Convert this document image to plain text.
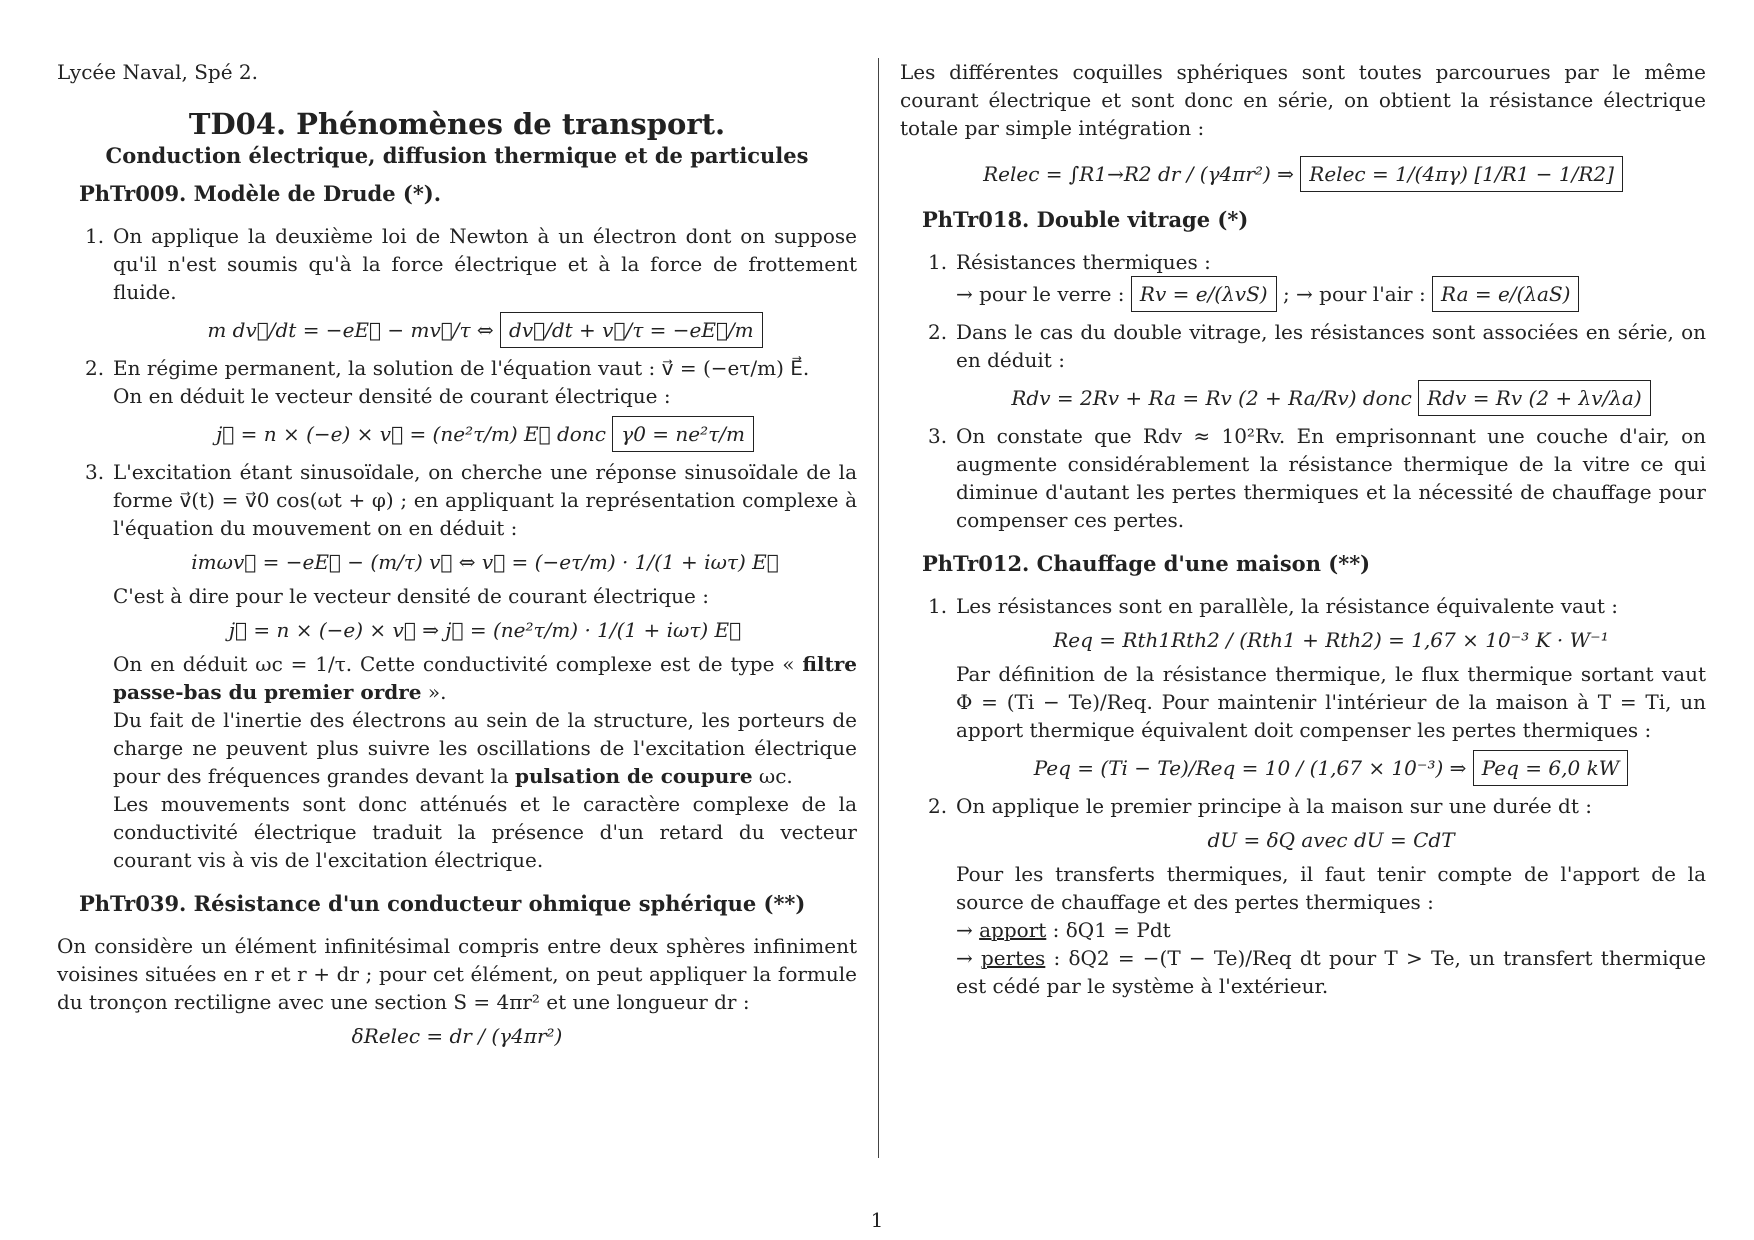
Lycée Naval, Spé 2.
TD04. Phénomènes de transport.
Conduction électrique, diffusion thermique et de particules
PhTr009. Modèle de Drude (*).
1. On applique la deuxième loi de Newton à un électron dont on suppose qu'il n'est soumis qu'à la force électrique et à la force de frottement fluide.

m dv⃗/dt = −eE⃗ − mv⃗/τ ⇔ dv⃗/dt + v⃗/τ = −eE⃗/m
2. En régime permanent, la solution de l'équation vaut : v⃗ = (−eτ/m) E⃗.

On en déduit le vecteur densité de courant électrique :

j⃗ = n × (−e) × v⃗ = (ne²τ/m) E⃗ donc γ0 = ne²τ/m
3. L'excitation étant sinusoïdale, on cherche une réponse sinusoïdale de la forme v⃗(t) = v⃗0 cos(ωt + φ) ; en appliquant la représentation complexe à l'équation du mouvement on en déduit :

imωv⃗ = −eE⃗ − (m/τ) v⃗ ⇔ v⃗ = (−eτ/m) · 1/(1 + iωτ) E⃗

C'est à dire pour le vecteur densité de courant électrique :

j⃗ = n × (−e) × v⃗ ⇒ j⃗ = (ne²τ/m) · 1/(1 + iωτ) E⃗

On en déduit ωc = 1/τ. Cette conductivité complexe est de type « filtre passe-bas du premier ordre ».

Du fait de l'inertie des électrons au sein de la structure, les porteurs de charge ne peuvent plus suivre les oscillations de l'excitation électrique pour des fréquences grandes devant la pulsation de coupure ωc.

Les mouvements sont donc atténués et le caractère complexe de la conductivité électrique traduit la présence d'un retard du vecteur courant vis à vis de l'excitation électrique.

PhTr039. Résistance d'un conducteur ohmique sphérique (**)

On considère un élément infinitésimal compris entre deux sphères infiniment voisines situées en r et r + dr ; pour cet élément, on peut appliquer la formule du tronçon rectiligne avec une section S = 4πr² et une longueur dr :

δRelec = dr / (γ4πr²)

Les différentes coquilles sphériques sont toutes parcourues par le même courant électrique et sont donc en série, on obtient la résistance électrique totale par simple intégration :

Relec = ∫R1→R2 dr / (γ4πr²) ⇒ Relec = 1/(4πγ) [1/R1 − 1/R2]
PhTr018. Double vitrage (*)
1. Résistances thermiques :

→ pour le verre : Rv = e/(λvS) ; → pour l'air : Ra = e/(λaS)

2. Dans le cas du double vitrage, les résistances sont associées en série, on en déduit :

Rdv = 2Rv + Ra = Rv (2 + Ra/Rv) donc Rdv = Rv (2 + λv/λa)
3. On constate que Rdv ≈ 10²Rv. En emprisonnant une couche d'air, on augmente considérablement la résistance thermique de la vitre ce qui diminue d'autant les pertes thermiques et la nécessité de chauffage pour compenser ces pertes.

PhTr012. Chauffage d'une maison (**)
1. Les résistances sont en parallèle, la résistance équivalente vaut :

Req = Rth1Rth2 / (Rth1 + Rth2) = 1,67 × 10⁻³ K · W⁻¹

Par définition de la résistance thermique, le flux thermique sortant vaut Φ = (Ti − Te)/Req. Pour maintenir l'intérieur de la maison à T = Ti, un apport thermique équivalent doit compenser les pertes thermiques :

Peq = (Ti − Te)/Req = 10 / (1,67 × 10⁻³) ⇒ Peq = 6,0 kW
2. On applique le premier principe à la maison sur une durée dt :

dU = δQ avec dU = CdT

Pour les transferts thermiques, il faut tenir compte de l'apport de la source de chauffage et des pertes thermiques :

→ apport : δQ1 = Pdt

→ pertes : δQ2 = −(T − Te)/Req dt pour T > Te, un transfert thermique est cédé par le système à l'extérieur.

1
